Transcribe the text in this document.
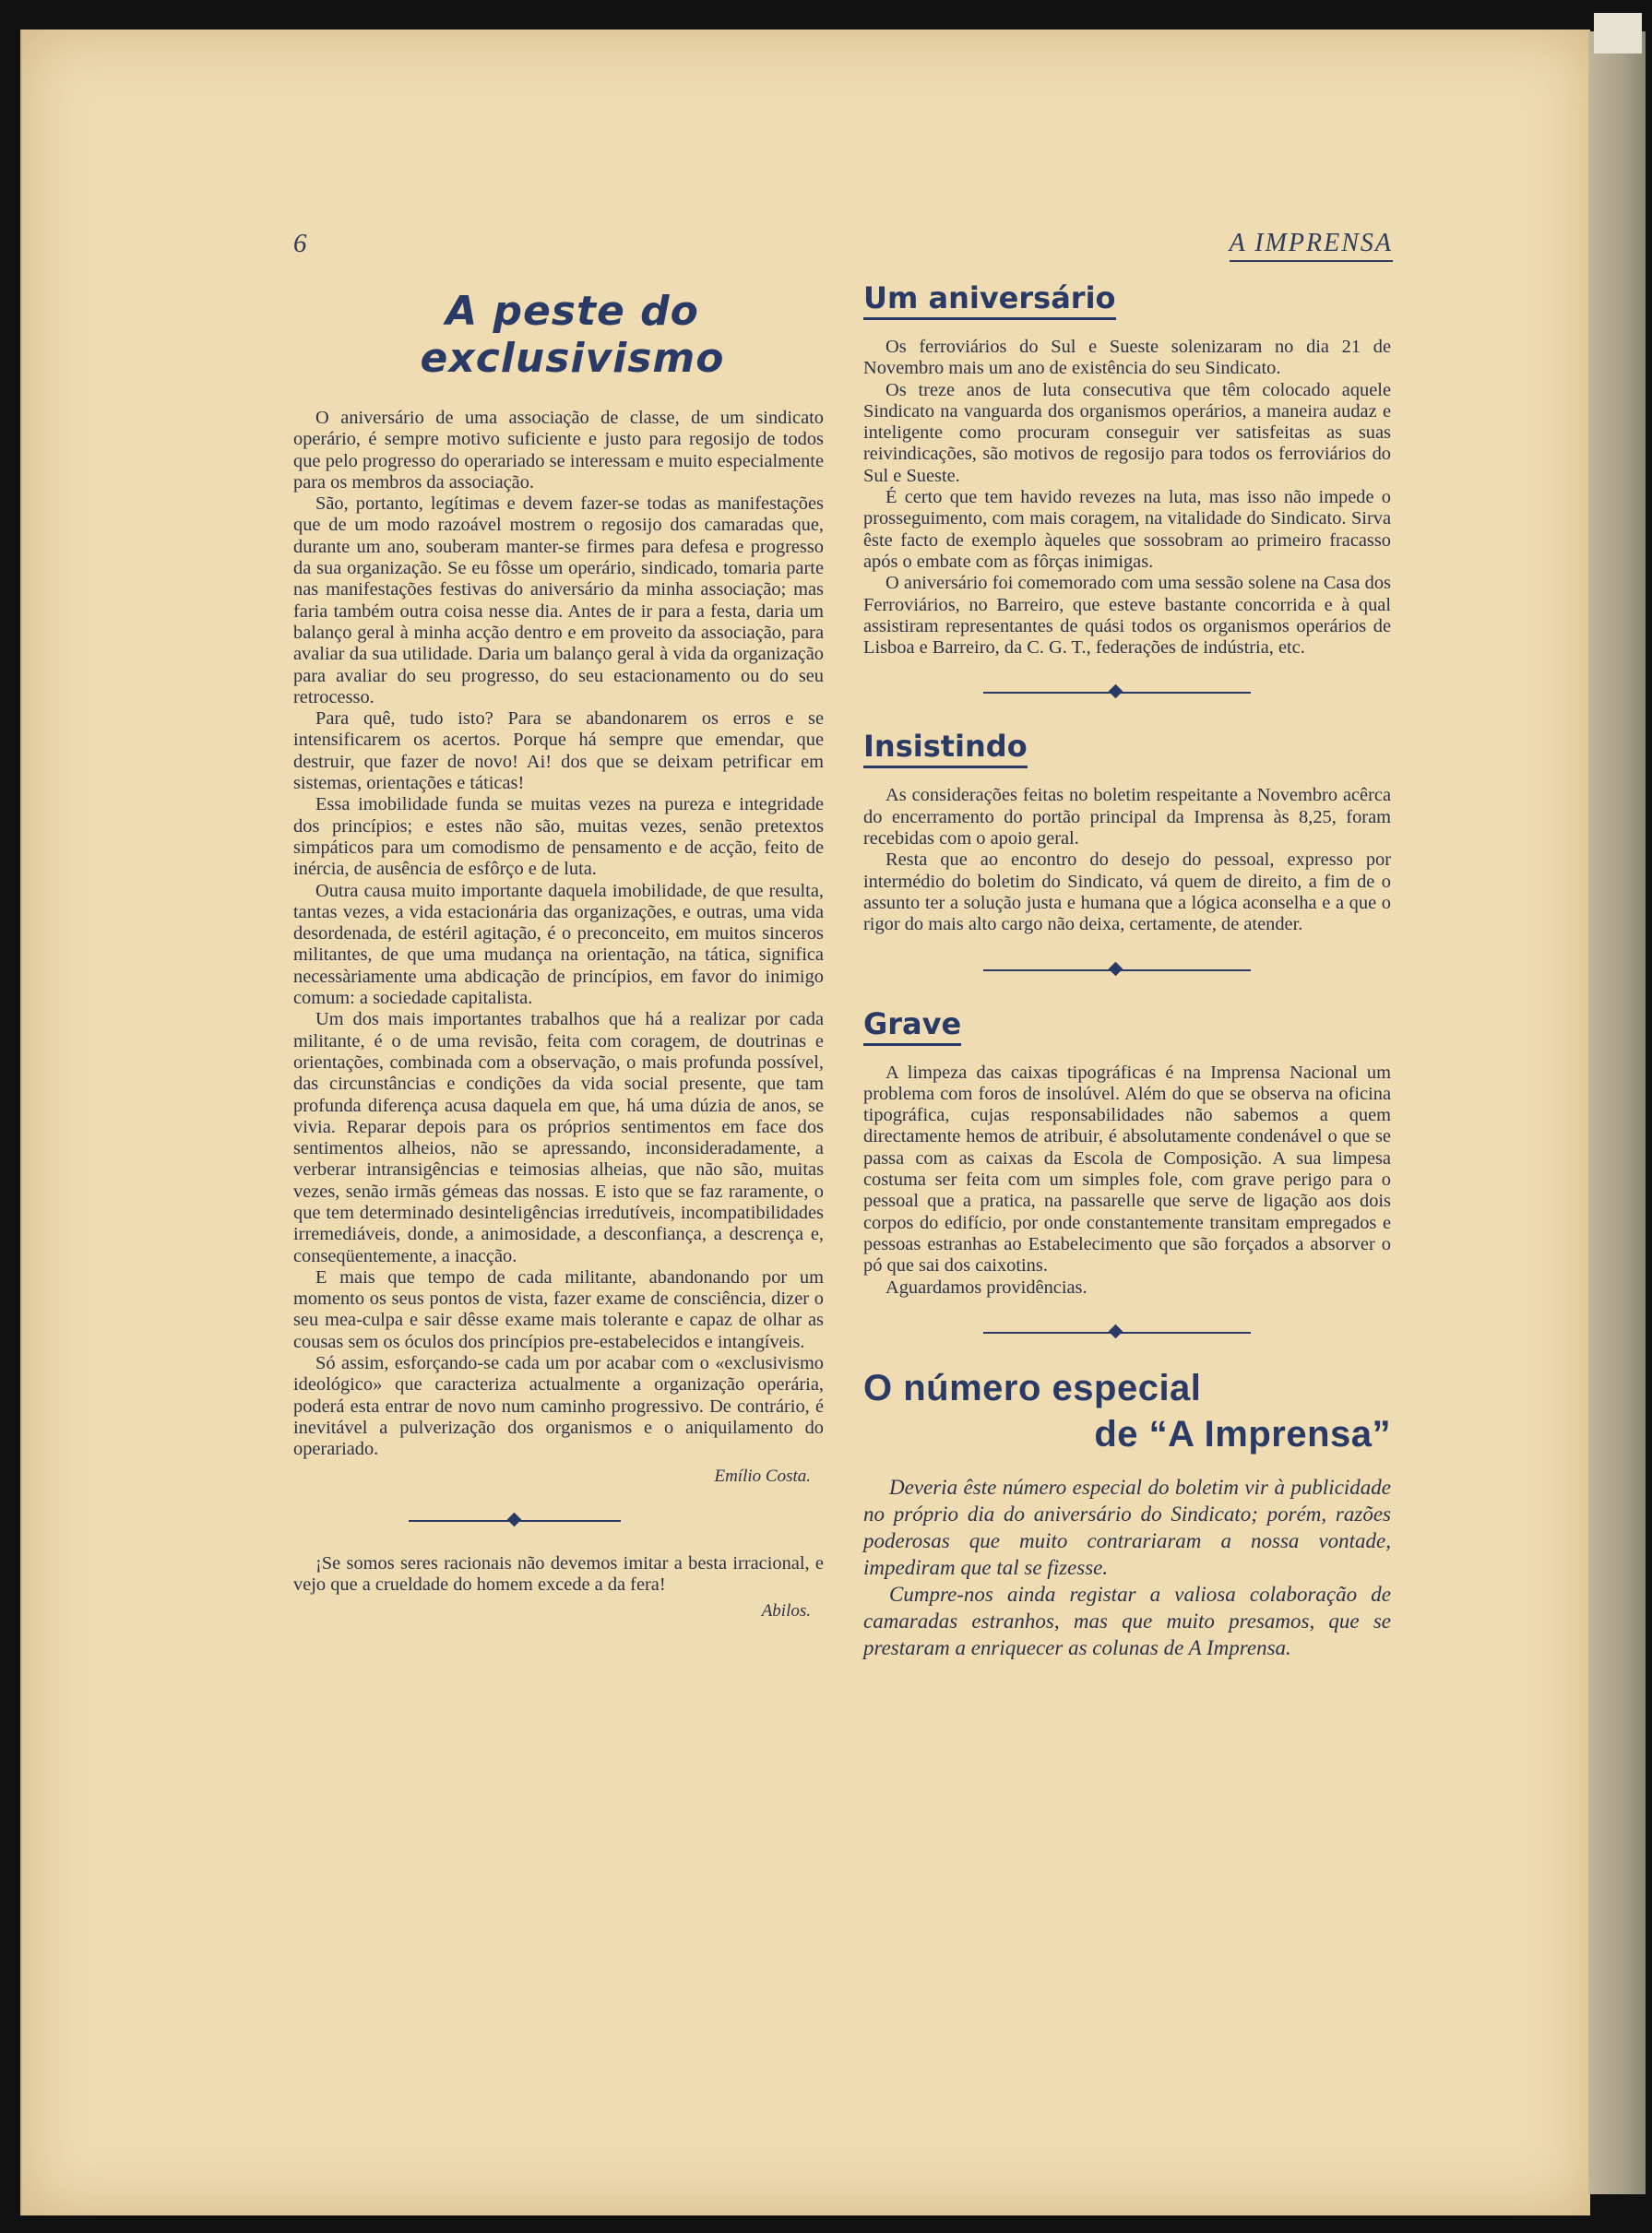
6	A IMPRENSA
A peste do exclusivismo

O aniversário de uma associação de classe, de um sindicato operário, é sempre motivo suficiente e justo para regosijo de todos que pelo progresso do operariado se interessam e muito especialmente para os membros da associação.

São, portanto, legítimas e devem fazer-se todas as manifestações que de um modo razoável mostrem o regosijo dos camaradas que, durante um ano, souberam manter-se firmes para defesa e progresso da sua organização. Se eu fôsse um operário, sindicado, tomaria parte nas manifestações festivas do aniversário da minha associação; mas faria também outra coisa nesse dia. Antes de ir para a festa, daria um balanço geral à minha acção dentro e em proveito da associação, para avaliar da sua utilidade. Daria um balanço geral à vida da organização para avaliar do seu progresso, do seu estacionamento ou do seu retrocesso.

Para quê, tudo isto? Para se abandonarem os erros e se intensificarem os acertos. Porque há sempre que emendar, que destruir, que fazer de novo! Ai! dos que se deixam petrificar em sistemas, orientações e táticas!

Essa imobilidade funda se muitas vezes na pureza e integridade dos princípios; e estes não são, muitas vezes, senão pretextos simpáticos para um comodismo de pensamento e de acção, feito de inércia, de ausência de esfôrço e de luta.

Outra causa muito importante daquela imobilidade, de que resulta, tantas vezes, a vida estacionária das organizações, e outras, uma vida desordenada, de estéril agitação, é o preconceito, em muitos sinceros militantes, de que uma mudança na orientação, na tática, significa necessàriamente uma abdicação de princípios, em favor do inimigo comum: a sociedade capitalista.

Um dos mais importantes trabalhos que há a realizar por cada militante, é o de uma revisão, feita com coragem, de doutrinas e orientações, combinada com a observação, o mais profunda possível, das circunstâncias e condições da vida social presente, que tam profunda diferença acusa daquela em que, há uma dúzia de anos, se vivia. Reparar depois para os próprios sentimentos em face dos sentimentos alheios, não se apressando, inconsideradamente, a verberar intransigências e teimosias alheias, que não são, muitas vezes, senão irmãs gémeas das nossas. E isto que se faz raramente, o que tem determinado desinteligências irredutíveis, incompatibilidades irremediáveis, donde, a animosidade, a desconfiança, a descrença e, conseqüentemente, a inacção.

E mais que tempo de cada militante, abandonando por um momento os seus pontos de vista, fazer exame de consciência, dizer o seu mea-culpa e sair dêsse exame mais tolerante e capaz de olhar as cousas sem os óculos dos princípios pre-estabelecidos e intangíveis.

Só assim, esforçando-se cada um por acabar com o «exclusivismo ideológico» que caracteriza actualmente a organização operária, poderá esta entrar de novo num caminho progressivo. De contrário, é inevitável a pulverização dos organismos e o aniquilamento do operariado.

Emílio Costa.

¡Se somos seres racionais não devemos imitar a besta irracional, e vejo que a crueldade do homem excede a da fera!

Abilos.
Um aniversário

Os ferroviários do Sul e Sueste solenizaram no dia 21 de Novembro mais um ano de existência do seu Sindicato.

Os treze anos de luta consecutiva que têm colocado aquele Sindicato na vanguarda dos organismos operários, a maneira audaz e inteligente como procuram conseguir ver satisfeitas as suas reivindicações, são motivos de regosijo para todos os ferroviários do Sul e Sueste.

É certo que tem havido revezes na luta, mas isso não impede o prosseguimento, com mais coragem, na vitalidade do Sindicato. Sirva êste facto de exemplo àqueles que sossobram ao primeiro fracasso após o embate com as fôrças inimigas.

O aniversário foi comemorado com uma sessão solene na Casa dos Ferroviários, no Barreiro, que esteve bastante concorrida e à qual assistiram representantes de quási todos os organismos operários de Lisboa e Barreiro, da C. G. T., federações de indústria, etc.

Insistindo

As considerações feitas no boletim respeitante a Novembro acêrca do encerramento do portão principal da Imprensa às 8,25, foram recebidas com o apoio geral.

Resta que ao encontro do desejo do pessoal, expresso por intermédio do boletim do Sindicato, vá quem de direito, a fim de o assunto ter a solução justa e humana que a lógica aconselha e a que o rigor do mais alto cargo não deixa, certamente, de atender.

Grave

A limpeza das caixas tipográficas é na Imprensa Nacional um problema com foros de insolúvel. Além do que se observa na oficina tipográfica, cujas responsabilidades não sabemos a quem directamente hemos de atribuir, é absolutamente condenável o que se passa com as caixas da Escola de Composição. A sua limpesa costuma ser feita com um simples fole, com grave perigo para o pessoal que a pratica, na passarelle que serve de ligação aos dois corpos do edifício, por onde constantemente transitam empregados e pessoas estranhas ao Estabelecimento que são forçados a absorver o pó que sai dos caixotins.

Aguardamos providências.

O número especial
de “A Imprensa”

Deveria êste número especial do boletim vir à publicidade no próprio dia do aniversário do Sindicato; porém, razões poderosas que muito contrariaram a nossa vontade, impediram que tal se fizesse.

Cumpre-nos ainda registar a valiosa colaboração de camaradas estranhos, mas que muito presamos, que se prestaram a enriquecer as colunas de A Imprensa.
